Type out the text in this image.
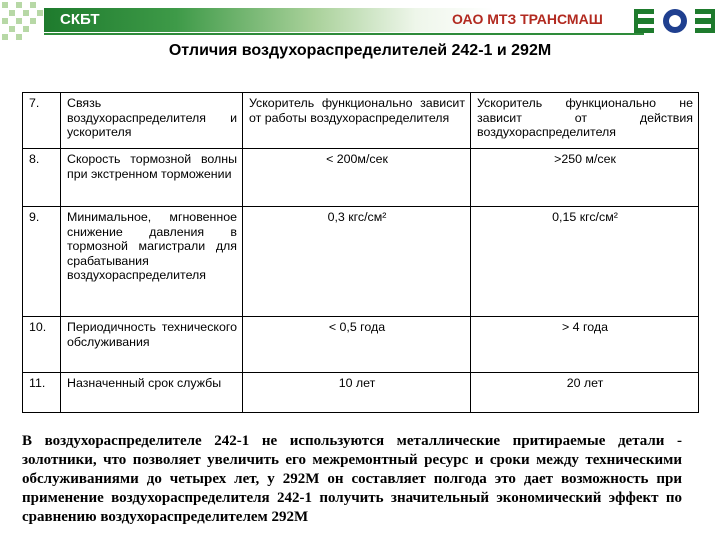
СКБТ	ОАО МТЗ ТРАНСМАШ
Отличия воздухораспределителей 242-1 и 292М
7.	Связь воздухораспределителя и ускорителя	Ускоритель функционально зависит от работы воздухораспределителя	Ускоритель функционально не зависит от действия воздухораспределителя
8.	Скорость тормозной волны при экстренном торможении	< 200м/сек	>250 м/сек
9.	Минимальное, мгновенное снижение давления в тормозной магистрали для срабатывания воздухораспределителя	0,3 кгс/см²	0,15 кгс/см²
10.	Периодичность технического обслуживания	< 0,5 года	> 4 года
11.	Назначенный срок службы	10 лет	20 лет
В воздухораспределителе 242-1 не используются металлические притираемые детали - золотники, что позволяет увеличить его межремонтный ресурс и сроки между техническими обслуживаниями до четырех лет, у 292М он составляет полгода это дает возможность при применение воздухораспределителя 242-1 получить значительный экономический эффект по сравнению воздухораспределителем 292М
